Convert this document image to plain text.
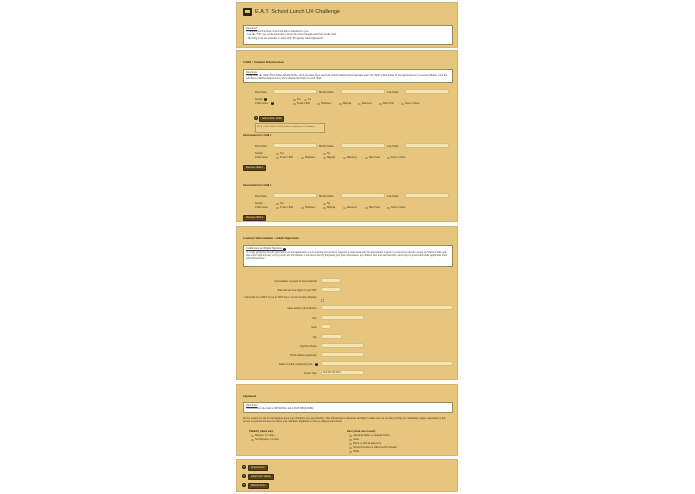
E.A.T. School Lunch UX Challenge
Directions:
- Complete each section of the form that is presented to you.
- Use the "Tab" key on the keyboard to move the cursor through each field on the form.
- The FAQ icons are available to assist with "Frequently Asked Questions".
Child / Student Information
Directions:
Please enter the child's First Name, Middle Name, and Last name. Next select the child's Student Status and then select the child's Child Status. If this application is for several children, click the Add More Children button below, and complete the fields for each child.
First Name:	Middle Name:	Last Name:
Student	?	Yes	No
Child Status	?	Foster Child	Homeless	Migrant	Runaway	Head Start	None of these
?	Add Another Child
Click 'Add Another Child' button to add up to 10 children.
Information for Child 2
First Name:	Middle Name:	Last Name:
Student	Yes	No
Child Status	Foster Child	Homeless	Migrant	Runaway	Head Start	None of these
Remove Child 2
Information for Child 3
First Name:	Middle Name:	Last Name:
Student	Yes	No
Child Status	Foster Child	Homeless	Migrant	Runaway	Head Start	None of these
Remove Child 3
Contact Information / Adult Signature
Certification and Digital Signature: ?
"I certify (promise) that all information on this application is true and that all income is reported. I understand that this information is given in connection with the receipt of Federal funds, and that school officials may verify (check) the information. I am aware that if I purposely give false information, my children may lose meal benefits, and I may be prosecuted under applicable State and Federal laws."
Total number of people in the household:
Enter the last four digits of your SSN:
Check this box ONLY if you do NOT have a Social Security Number:
Street Address (if available):
City:
State:
Zip:
Daytime Phone:
Email Address (optional):
Name of Adult completing form:	?
Today's date:	Sun Feb 28 2016
Optional
Directions:
This section of the form is OPTIONAL and is NOT REQUIRED.
We are required to ask for information about your children's race and ethnicity. This information is important and helps to make sure we are fully serving our community. Again, responding to this section is optional and does not affect your children's eligibility for free or reduced price meals.
Ethnicity (check one):
Hispanic or Latino
Not Hispanic or Latino
Race (check one or more):
American Indian or Alaskan Native
Asian
Black or African American
Native Hawaiian or Other Pacific Islander
White
?	Submit Form
?	Clear Form Values
?	Refresh Form
